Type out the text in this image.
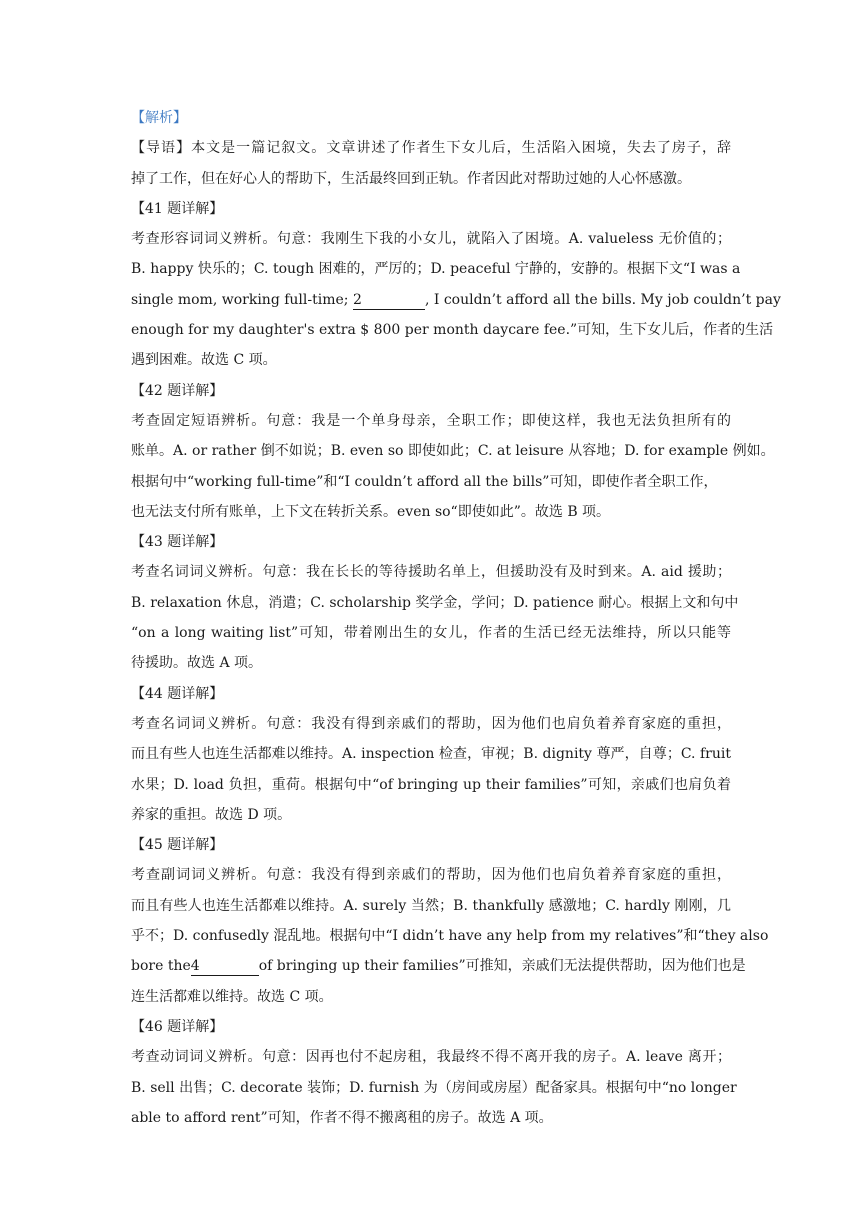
【解析】
【导语】本文是一篇记叙文。文章讲述了作者生下女儿后，生活陷入困境，失去了房子，辞
掉了工作，但在好心人的帮助下，生活最终回到正轨。作者因此对帮助过她的人心怀感激。
【41 题详解】
考查形容词词义辨析。句意：我刚生下我的小女儿，就陷入了困境。A. valueless 无价值的；
B. happy 快乐的；C. tough 困难的，严厉的；D. peaceful 宁静的，安静的。根据下文“I was a
single mom, working full-time; 2	, I couldn’t afford all the bills. My job couldn’t pay
enough for my daughter's extra $ 800 per month daycare fee.”可知，生下女儿后，作者的生活
遇到困难。故选 C 项。
【42 题详解】
考查固定短语辨析。句意：我是一个单身母亲，全职工作；即使这样，我也无法负担所有的
账单。A. or rather 倒不如说；B. even so 即使如此；C. at leisure 从容地；D. for example 例如。
根据句中“working full-time”和“I couldn’t afford all the bills”可知，即使作者全职工作，
也无法支付所有账单，上下文在转折关系。even so“即使如此”。故选 B 项。
【43 题详解】
考查名词词义辨析。句意：我在长长的等待援助名单上，但援助没有及时到来。A. aid 援助；
B. relaxation 休息，消遣；C. scholarship 奖学金，学问；D. patience 耐心。根据上文和句中
“on a long waiting list”可知，带着刚出生的女儿，作者的生活已经无法维持，所以只能等
待援助。故选 A 项。
【44 题详解】
考查名词词义辨析。句意：我没有得到亲戚们的帮助，因为他们也肩负着养育家庭的重担，
而且有些人也连生活都难以维持。A. inspection 检查，审视；B. dignity 尊严，自尊；C. fruit
水果；D. load 负担，重荷。根据句中“of bringing up their families”可知，亲戚们也肩负着
养家的重担。故选 D 项。
【45 题详解】
考查副词词义辨析。句意：我没有得到亲戚们的帮助，因为他们也肩负着养育家庭的重担，
而且有些人也连生活都难以维持。A. surely 当然；B. thankfully 感激地；C. hardly 刚刚，几
乎不；D. confusedly 混乱地。根据句中“I didn’t have any help from my relatives”和“they also
bore the4	of bringing up their families”可推知，亲戚们无法提供帮助，因为他们也是
连生活都难以维持。故选 C 项。
【46 题详解】
考查动词词义辨析。句意：因再也付不起房租，我最终不得不离开我的房子。A. leave 离开；
B. sell 出售；C. decorate 装饰；D. furnish 为（房间或房屋）配备家具。根据句中“no longer
able to afford rent”可知，作者不得不搬离租的房子。故选 A 项。
